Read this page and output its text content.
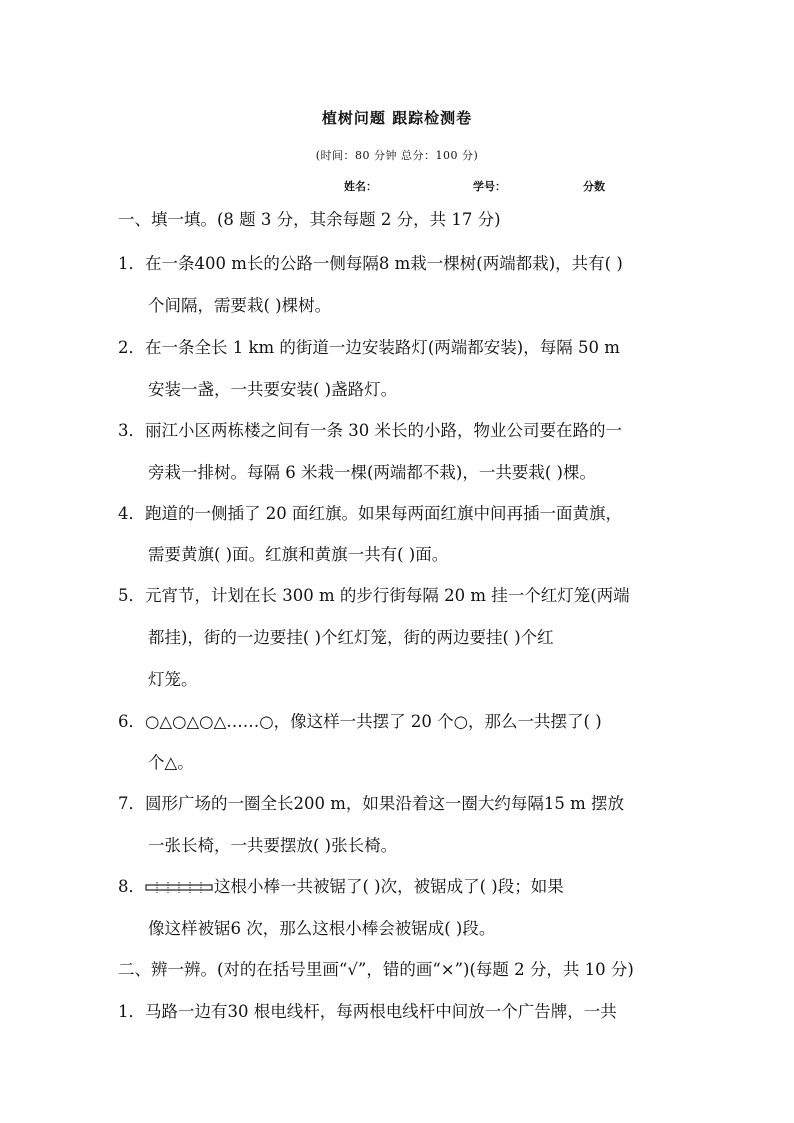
植树问题 跟踪检测卷
(时间：80 分钟 总分：100 分)
姓名：	学号：	分数
一、填一填。(8 题 3 分，其余每题 2 分，共 17 分)
1．在一条400 m长的公路一侧每隔8 m栽一棵树(两端都栽)，共有( )
个间隔，需要栽( )棵树。
2．在一条全长 1 km 的街道一边安装路灯(两端都安装)，每隔 50 m
安装一盏，一共要安装( )盏路灯。
3．丽江小区两栋楼之间有一条 30 米长的小路，物业公司要在路的一
旁栽一排树。每隔 6 米栽一棵(两端都不栽)，一共要栽( )棵。
4．跑道的一侧插了 20 面红旗。如果每两面红旗中间再插一面黄旗，
需要黄旗( )面。红旗和黄旗一共有( )面。
5．元宵节，计划在长 300 m 的步行街每隔 20 m 挂一个红灯笼(两端
都挂)，街的一边要挂( )个红灯笼，街的两边要挂( )个红
灯笼。
6．○△○△○△……○，像这样一共摆了 20 个○，那么一共摆了( )
个△。
7．圆形广场的一圈全长200 m，如果沿着这一圈大约每隔15 m 摆放
一张长椅，一共要摆放( )张长椅。
8．	这根小棒一共被锯了( )次，被锯成了( )段；如果
像这样被锯6 次，那么这根小棒会被锯成( )段。
二、辨一辨。(对的在括号里画“√”，错的画“×”)(每题 2 分，共 10 分)
1．马路一边有30 根电线杆，每两根电线杆中间放一个广告牌，一共
